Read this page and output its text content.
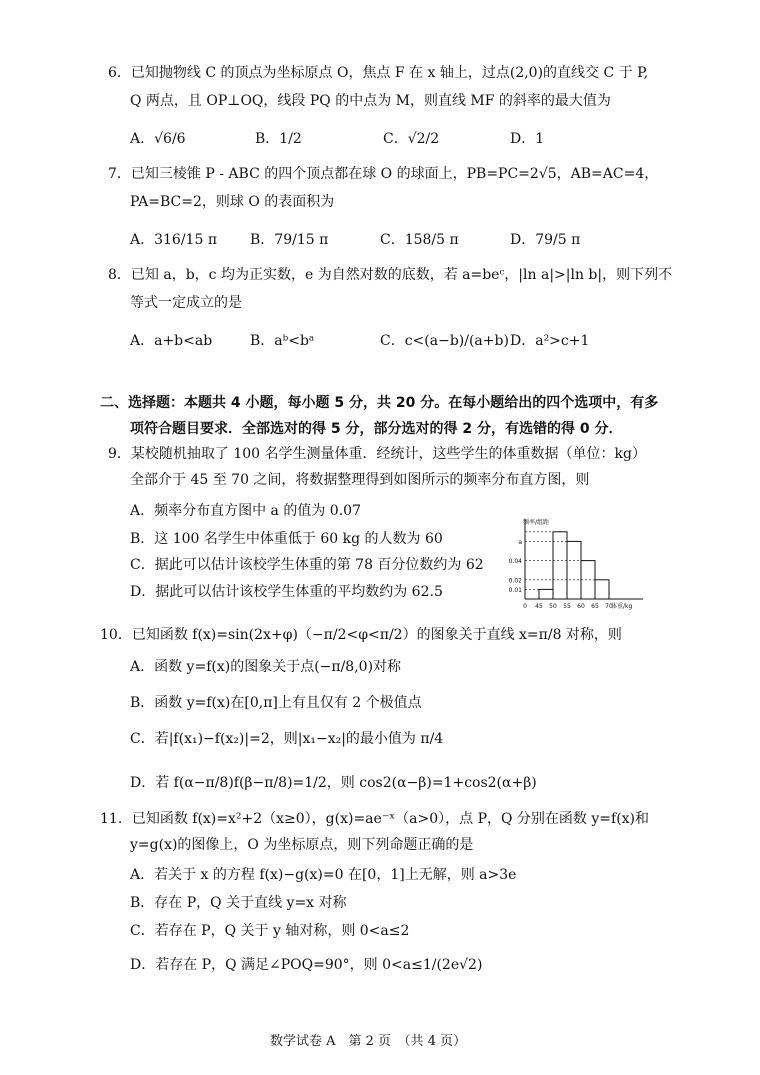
6．已知抛物线 C 的顶点为坐标原点 O，焦点 F 在 x 轴上，过点(2,0)的直线交 C 于 P,
Q 两点，且 OP⊥OQ，线段 PQ 的中点为 M，则直线 MF 的斜率的最大值为
A．√6/6	B．1/2	C．√2/2	D．1
7．已知三棱锥 P - ABC 的四个顶点都在球 O 的球面上，PB=PC=2√5，AB=AC=4，
PA=BC=2，则球 O 的表面积为
A．316/15 π B．79/15 π	C．158/5 π	D．79/5 π
8．已知 a，b，c 均为正实数，e 为自然对数的底数，若 a=beᶜ，|ln a|>|ln b|，则下列不
等式一定成立的是
A．a+b<ab	B．aᵇ<bᵃ	C．c<(a−b)/(a+b) D．a²>c+1
二、选择题：本题共 4 小题，每小题 5 分，共 20 分。在每小题给出的四个选项中，有多
项符合题目要求．全部选对的得 5 分，部分选对的得 2 分，有选错的得 0 分．
9．某校随机抽取了 100 名学生测量体重．经统计，这些学生的体重数据（单位：kg）
全部介于 45 至 70 之间，将数据整理得到如图所示的频率分布直方图，则
A．频率分布直方图中 a 的值为 0.07
B．这 100 名学生中体重低于 60 kg 的人数为 60
C．据此可以估计该校学生体重的第 78 百分位数约为 62
D．据此可以估计该校学生体重的平均数约为 62.5
a
0.04
0.02
0.01
0 45 50 55 60 65 70
频率/组距
体重/kg
10．已知函数 f(x)=sin(2x+φ)（−π/2<φ<π/2）的图象关于直线 x=π/8 对称，则
A．函数 y=f(x)的图象关于点(−π/8,0)对称
B．函数 y=f(x)在[0,π]上有且仅有 2 个极值点
C．若|f(x₁)−f(x₂)|=2，则|x₁−x₂|的最小值为 π/4
D．若 f(α−π/8)f(β−π/8)=1/2，则 cos2(α−β)=1+cos2(α+β)
11．已知函数 f(x)=x²+2（x≥0），g(x)=ae⁻ˣ（a>0），点 P，Q 分别在函数 y=f(x)和
y=g(x)的图像上，O 为坐标原点，则下列命题正确的是
A．若关于 x 的方程 f(x)−g(x)=0 在[0，1]上无解，则 a>3e
B．存在 P，Q 关于直线 y=x 对称
C．若存在 P，Q 关于 y 轴对称，则 0<a≤2
D．若存在 P，Q 满足∠POQ=90°，则 0<a≤1/(2e√2)
数学试卷 A　第 2 页　（共 4 页）
